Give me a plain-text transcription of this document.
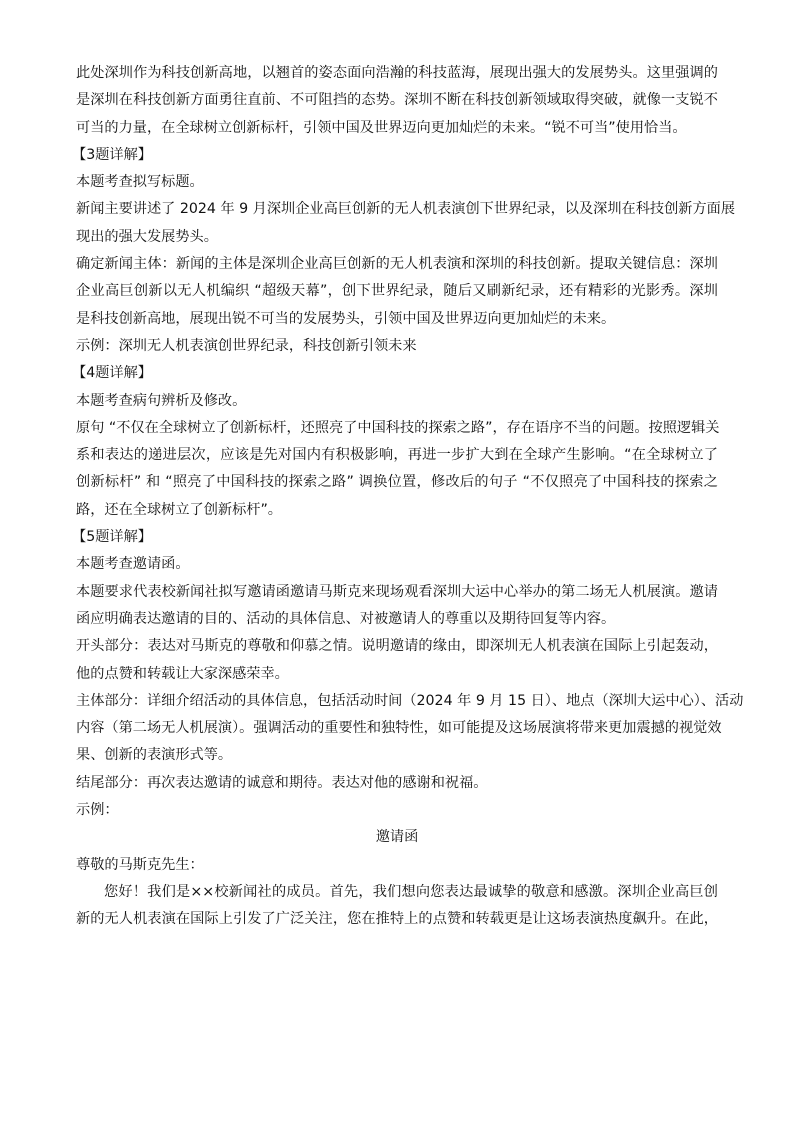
此处深圳作为科技创新高地，以翘首的姿态面向浩瀚的科技蓝海，展现出强大的发展势头。这里强调的
是深圳在科技创新方面勇往直前、不可阻挡的态势。深圳不断在科技创新领域取得突破，就像一支锐不
可当的力量，在全球树立创新标杆，引领中国及世界迈向更加灿烂的未来。“锐不可当”使用恰当。
【3题详解】
本题考查拟写标题。
新闻主要讲述了 2024 年 9 月深圳企业高巨创新的无人机表演创下世界纪录，以及深圳在科技创新方面展
现出的强大发展势头。
确定新闻主体：新闻的主体是深圳企业高巨创新的无人机表演和深圳的科技创新。提取关键信息：深圳
企业高巨创新以无人机编织 “超级天幕”，创下世界纪录，随后又刷新纪录，还有精彩的光影秀。深圳
是科技创新高地，展现出锐不可当的发展势头，引领中国及世界迈向更加灿烂的未来。
示例：深圳无人机表演创世界纪录，科技创新引领未来
【4题详解】
本题考查病句辨析及修改。
原句 “不仅在全球树立了创新标杆，还照亮了中国科技的探索之路”，存在语序不当的问题。按照逻辑关
系和表达的递进层次，应该是先对国内有积极影响，再进一步扩大到在全球产生影响。“在全球树立了
创新标杆” 和 “照亮了中国科技的探索之路” 调换位置，修改后的句子 “不仅照亮了中国科技的探索之
路，还在全球树立了创新标杆”。
【5题详解】
本题考查邀请函。
本题要求代表校新闻社拟写邀请函邀请马斯克来现场观看深圳大运中心举办的第二场无人机展演。邀请
函应明确表达邀请的目的、活动的具体信息、对被邀请人的尊重以及期待回复等内容。
开头部分：表达对马斯克的尊敬和仰慕之情。说明邀请的缘由，即深圳无人机表演在国际上引起轰动，
他的点赞和转载让大家深感荣幸。
主体部分：详细介绍活动的具体信息，包括活动时间（2024 年 9 月 15 日）、地点（深圳大运中心）、活动
内容（第二场无人机展演）。强调活动的重要性和独特性，如可能提及这场展演将带来更加震撼的视觉效
果、创新的表演形式等。
结尾部分：再次表达邀请的诚意和期待。表达对他的感谢和祝福。
示例：
邀请函
尊敬的马斯克先生：
您好！我们是××校新闻社的成员。首先，我们想向您表达最诚挚的敬意和感激。深圳企业高巨创
新的无人机表演在国际上引发了广泛关注，您在推特上的点赞和转载更是让这场表演热度飙升。在此，
